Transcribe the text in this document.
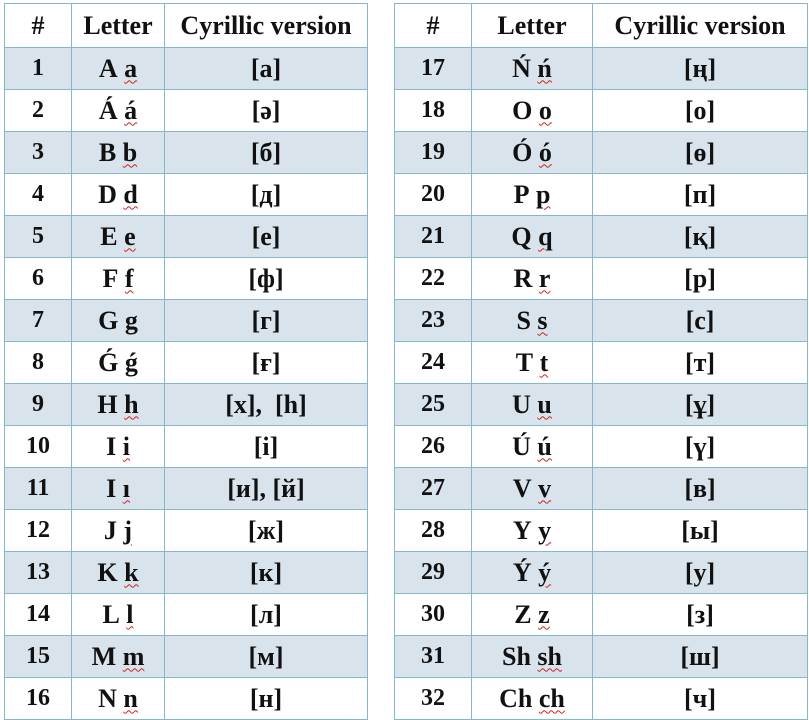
#	Letter	Cyrillic version
1	A a	[а]
2	Á á	[ә]
3	B b	[б]
4	D d	[д]
5	E e	[е]
6	F f	[ф]
7	G g	[г]
8	Ǵ ǵ	[ғ]
9	H h	[х],  [h]
10	I i	[і]
11	I ı	[и], [й]
12	J j	[ж]
13	K k	[к]
14	L l	[л]
15	M m	[м]
16	N n	[н]
#	Letter	Cyrillic version
17	Ń ń	[ң]
18	O o	[о]
19	Ó ó	[ө]
20	P p	[п]
21	Q q	[қ]
22	R r	[р]
23	S s	[с]
24	T t	[т]
25	U u	[ұ]
26	Ú ú	[ү]
27	V v	[в]
28	Y y	[ы]
29	Ý ý	[у]
30	Z z	[з]
31	Sh sh	[ш]
32	Ch ch	[ч]
